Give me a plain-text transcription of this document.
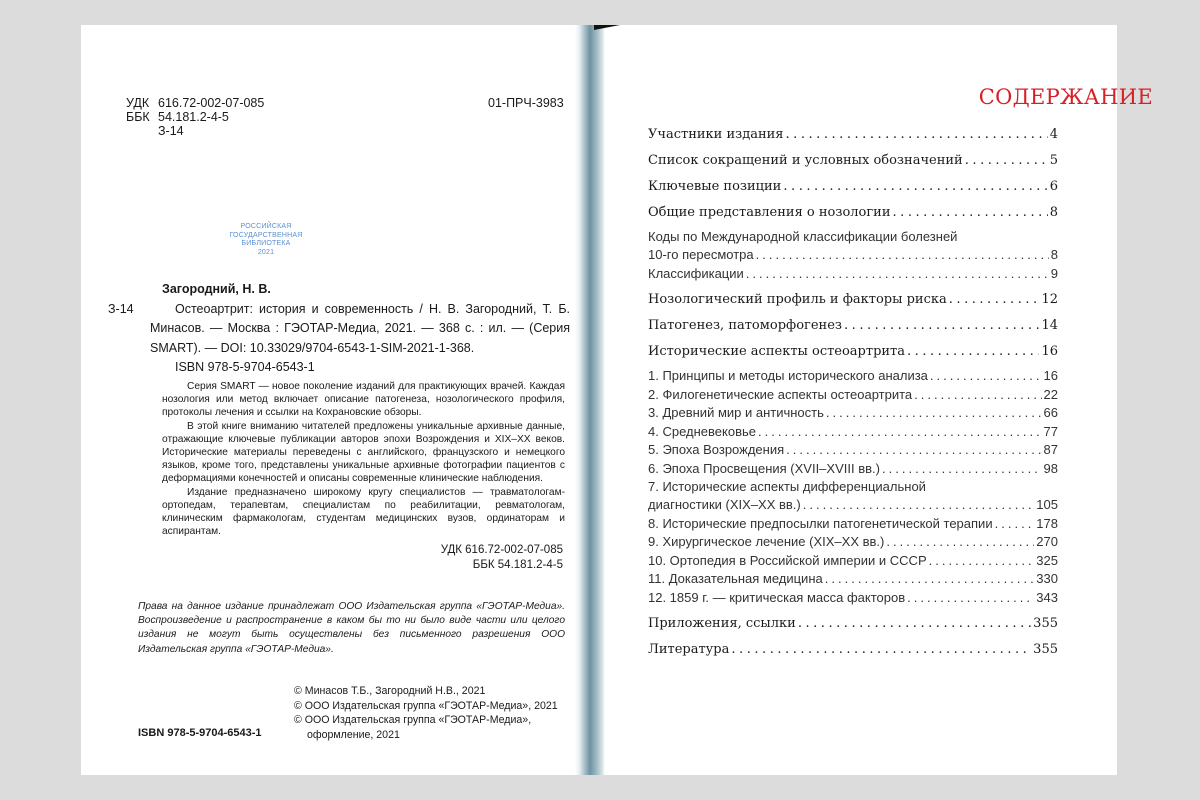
УДК 616.72-002-07-085
ББК 54.181.2-4-5
З-14
01-ПРЧ-3983
РОССИЙСКАЯ
ГОСУДАРСТВЕННАЯ
БИБЛИОТЕКА
2021
Загородний, Н. В.
З-14	Остеоартрит: история и современность / Н. В. Загородний, Т. Б. Минасов. — Москва : ГЭОТАР-Медиа, 2021. — 368 с. : ил. — (Серия SMART). — DOI: 10.33029/9704-6543-1-SIM-2021-1-368.
ISBN 978-5-9704-6543-1

Серия SMART — новое поколение изданий для практикующих врачей. Каждая нозология или метод включает описание патогенеза, нозологического профиля, протоколы лечения и ссылки на Кохрановские обзоры.

В этой книге вниманию читателей предложены уникальные архивные данные, отражающие ключевые публикации авторов эпохи Возрождения и XIX–XX веков. Исторические материалы переведены с английского, французского и немецкого языков, кроме того, представлены уникальные архивные фотографии пациентов с деформациями конечностей и описаны современные клинические наблюдения.

Издание предназначено широкому кругу специалистов — травматологам-ортопедам, терапевтам, специалистам по реабилитации, ревматологам, клиническим фармакологам, студентам медицинских вузов, ординаторам и аспирантам.

УДК 616.72-002-07-085
ББК 54.181.2-4-5
Права на данное издание принадлежат ООО Издательская группа «ГЭОТАР-Медиа». Воспроизведение и распространение в каком бы то ни было виде части или целого издания не могут быть осуществлены без письменного разрешения ООО Издательская группа «ГЭОТАР-Медиа».
© Минасов Т.Б., Загородний Н.В., 2021
© ООО Издательская группа «ГЭОТАР-Медиа», 2021
© ООО Издательская группа «ГЭОТАР-Медиа»,
оформление, 2021
ISBN 978-5-9704-6543-1
СОДЕРЖАНИЕ
Участники издания . . .	4
Список сокращений и условных обозначений . . .	5
Ключевые позиции . . .	6
Общие представления о нозологии . . .	8
Коды по Международной классификации болезней
10-го пересмотра . . .	8
Классификации . . .	9
Нозологический профиль и факторы риска . . .	12
Патогенез, патоморфогенез . . .	14
Исторические аспекты остеоартрита . . .	16
1. Принципы и методы исторического анализа . . .	16
2. Филогенетические аспекты остеоартрита . . .	22
3. Древний мир и античность . . .	66
4. Средневековье . . .	77
5. Эпоха Возрождения . . .	87
6. Эпоха Просвещения (XVII–XVIII вв.) . . .	98
7. Исторические аспекты дифференциальной
диагностики (XIX–XX вв.) . . .	105
8. Исторические предпосылки патогенетической терапии . . .	178
9. Хирургическое лечение (XIX–XX вв.) . . .	270
10. Ортопедия в Российской империи и СССР . . .	325
11. Доказательная медицина . . .	330
12. 1859 г. — критическая масса факторов . . .	343
Приложения, ссылки . . .	355
Литература . . .	355
